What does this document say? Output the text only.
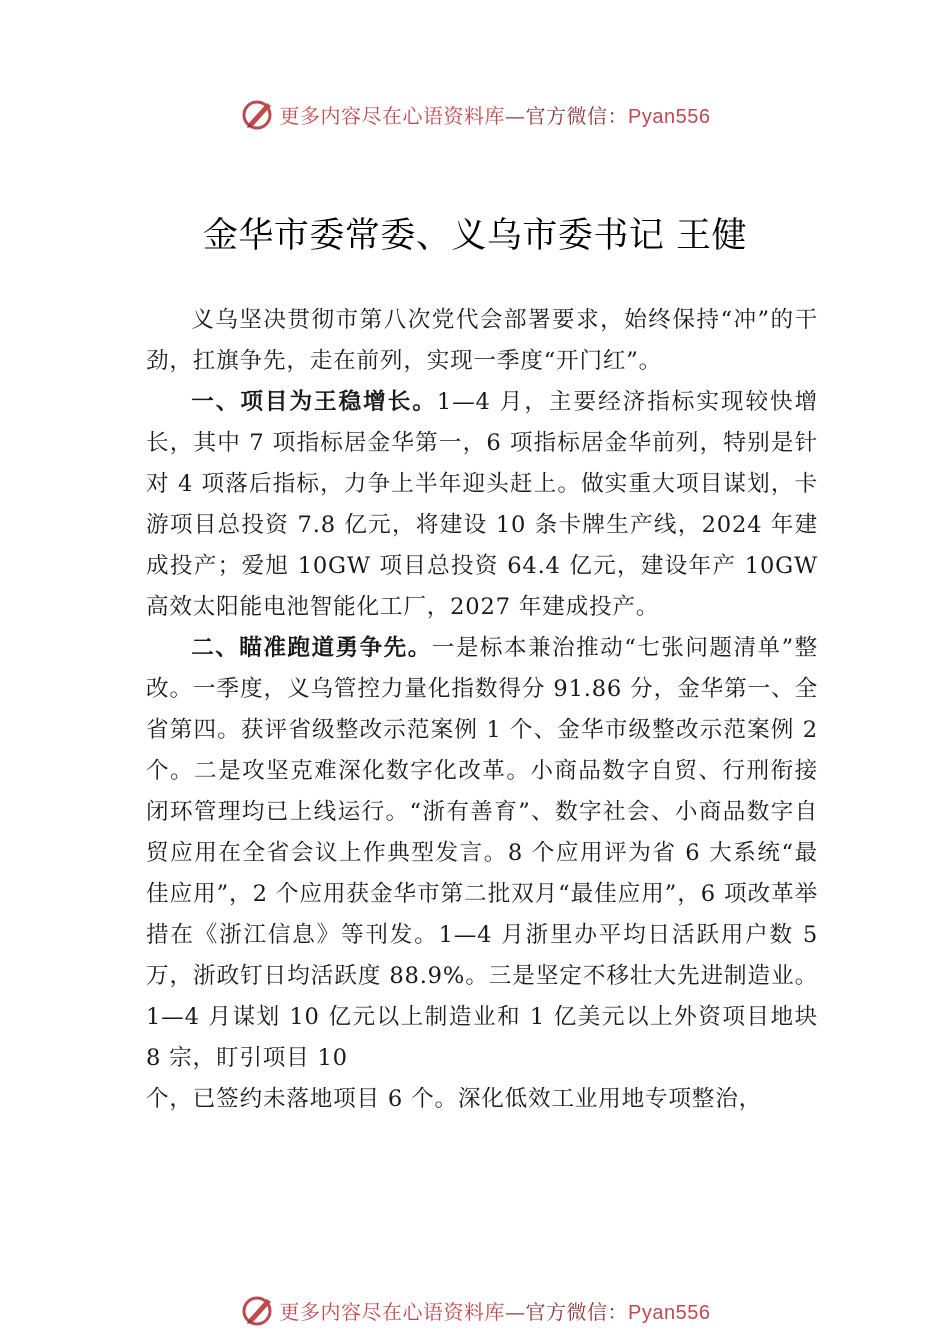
更多内容尽在心语资料库—官方微信：Pyan556
金华市委常委、义乌市委书记 王健

义乌坚决贯彻市第八次党代会部署要求，始终保持“冲”的干劲，扛旗争先，走在前列，实现一季度“开门红”。

一、项目为王稳增长。1—4 月，主要经济指标实现较快增长，其中 7 项指标居金华第一，6 项指标居金华前列，特别是针对 4 项落后指标，力争上半年迎头赶上。做实重大项目谋划，卡游项目总投资 7.8 亿元，将建设 10 条卡牌生产线，2024 年建成投产；爱旭 10GW 项目总投资 64.4 亿元，建设年产 10GW 高效太阳能电池智能化工厂，2027 年建成投产。

二、瞄准跑道勇争先。一是标本兼治推动“七张问题清单”整改。一季度，义乌管控力量化指数得分 91.86 分，金华第一、全省第四。获评省级整改示范案例 1 个、金华市级整改示范案例 2 个。二是攻坚克难深化数字化改革。小商品数字自贸、行刑衔接闭环管理均已上线运行。“浙有善育”、数字社会、小商品数字自贸应用在全省会议上作典型发言。8 个应用评为省 6 大系统“最佳应用”，2 个应用获金华市第二批双月“最佳应用”，6 项改革举措在《浙江信息》等刊发。1—4 月浙里办平均日活跃用户数 5 万，浙政钉日均活跃度 88.9%。三是坚定不移壮大先进制造业。1—4 月谋划 10 亿元以上制造业和 1 亿美元以上外资项目地块 8 宗，盯引项目 10

个，已签约未落地项目 6 个。深化低效工业用地专项整治，

更多内容尽在心语资料库—官方微信：Pyan556
